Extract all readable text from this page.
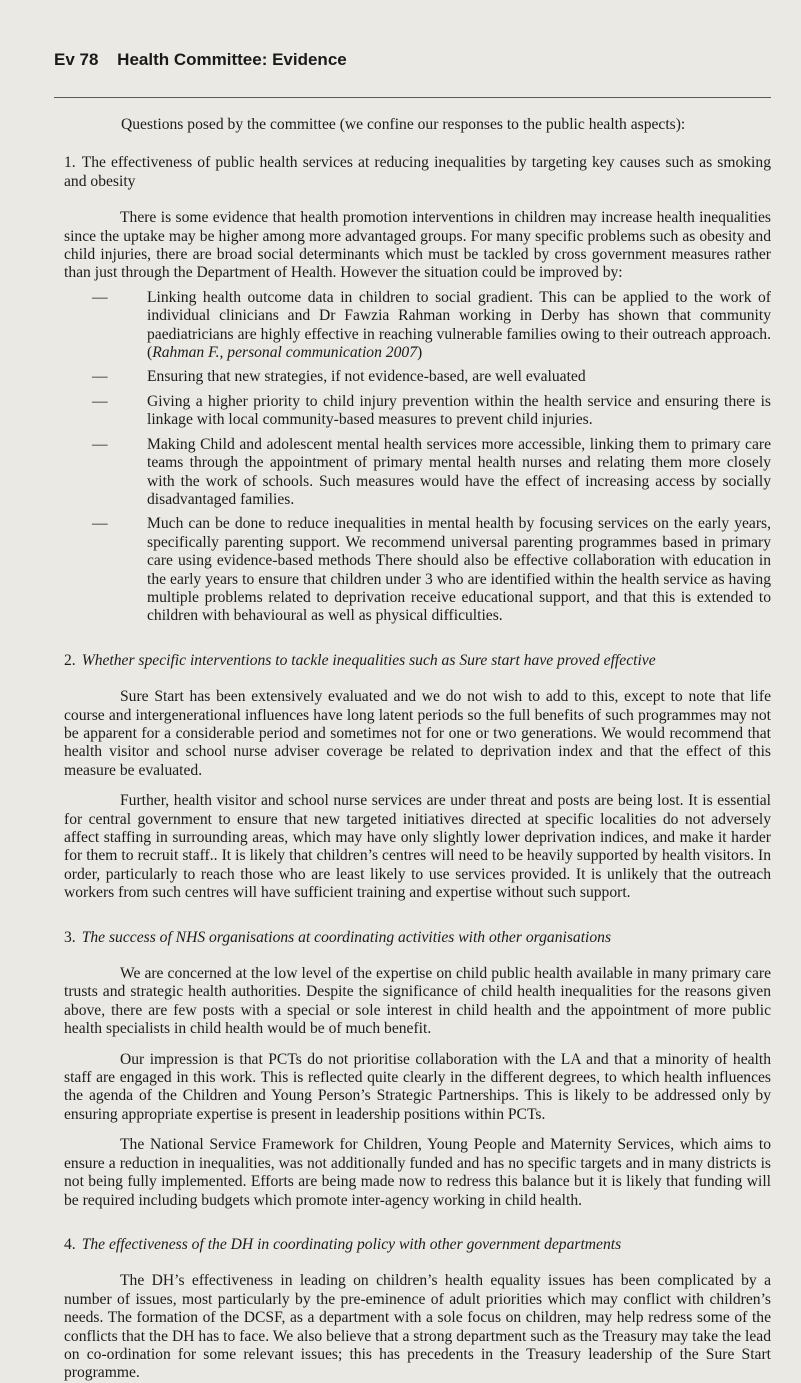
Ev 78 Health Committee: Evidence

Questions posed by the committee (we confine our responses to the public health aspects):

1. The effectiveness of public health services at reducing inequalities by targeting key causes such as smoking and obesity

There is some evidence that health promotion interventions in children may increase health inequalities since the uptake may be higher among more advantaged groups. For many specific problems such as obesity and child injuries, there are broad social determinants which must be tackled by cross government measures rather than just through the Department of Health. However the situation could be improved by:

— Linking health outcome data in children to social gradient. This can be applied to the work of individual clinicians and Dr Fawzia Rahman working in Derby has shown that community paediatricians are highly effective in reaching vulnerable families owing to their outreach approach. (Rahman F., personal communication 2007)
— Ensuring that new strategies, if not evidence-based, are well evaluated
— Giving a higher priority to child injury prevention within the health service and ensuring there is linkage with local community-based measures to prevent child injuries.
— Making Child and adolescent mental health services more accessible, linking them to primary care teams through the appointment of primary mental health nurses and relating them more closely with the work of schools. Such measures would have the effect of increasing access by socially disadvantaged families.
— Much can be done to reduce inequalities in mental health by focusing services on the early years, specifically parenting support. We recommend universal parenting programmes based in primary care using evidence-based methods There should also be effective collaboration with education in the early years to ensure that children under 3 who are identified within the health service as having multiple problems related to deprivation receive educational support, and that this is extended to children with behavioural as well as physical difficulties.

2. Whether specific interventions to tackle inequalities such as Sure start have proved effective

Sure Start has been extensively evaluated and we do not wish to add to this, except to note that life course and intergenerational influences have long latent periods so the full benefits of such programmes may not be apparent for a considerable period and sometimes not for one or two generations. We would recommend that health visitor and school nurse adviser coverage be related to deprivation index and that the effect of this measure be evaluated.

Further, health visitor and school nurse services are under threat and posts are being lost. It is essential for central government to ensure that new targeted initiatives directed at specific localities do not adversely affect staffing in surrounding areas, which may have only slightly lower deprivation indices, and make it harder for them to recruit staff.. It is likely that children’s centres will need to be heavily supported by health visitors. In order, particularly to reach those who are least likely to use services provided. It is unlikely that the outreach workers from such centres will have sufficient training and expertise without such support.

3. The success of NHS organisations at coordinating activities with other organisations

We are concerned at the low level of the expertise on child public health available in many primary care trusts and strategic health authorities. Despite the significance of child health inequalities for the reasons given above, there are few posts with a special or sole interest in child health and the appointment of more public health specialists in child health would be of much benefit.

Our impression is that PCTs do not prioritise collaboration with the LA and that a minority of health staff are engaged in this work. This is reflected quite clearly in the different degrees, to which health influences the agenda of the Children and Young Person’s Strategic Partnerships. This is likely to be addressed only by ensuring appropriate expertise is present in leadership positions within PCTs.

The National Service Framework for Children, Young People and Maternity Services, which aims to ensure a reduction in inequalities, was not additionally funded and has no specific targets and in many districts is not being fully implemented. Efforts are being made now to redress this balance but it is likely that funding will be required including budgets which promote inter-agency working in child health.

4. The effectiveness of the DH in coordinating policy with other government departments

The DH’s effectiveness in leading on children’s health equality issues has been complicated by a number of issues, most particularly by the pre-eminence of adult priorities which may conflict with children’s needs. The formation of the DCSF, as a department with a sole focus on children, may help redress some of the conflicts that the DH has to face. We also believe that a strong department such as the Treasury may take the lead on co-ordination for some relevant issues; this has precedents in the Treasury leadership of the Sure Start programme.
